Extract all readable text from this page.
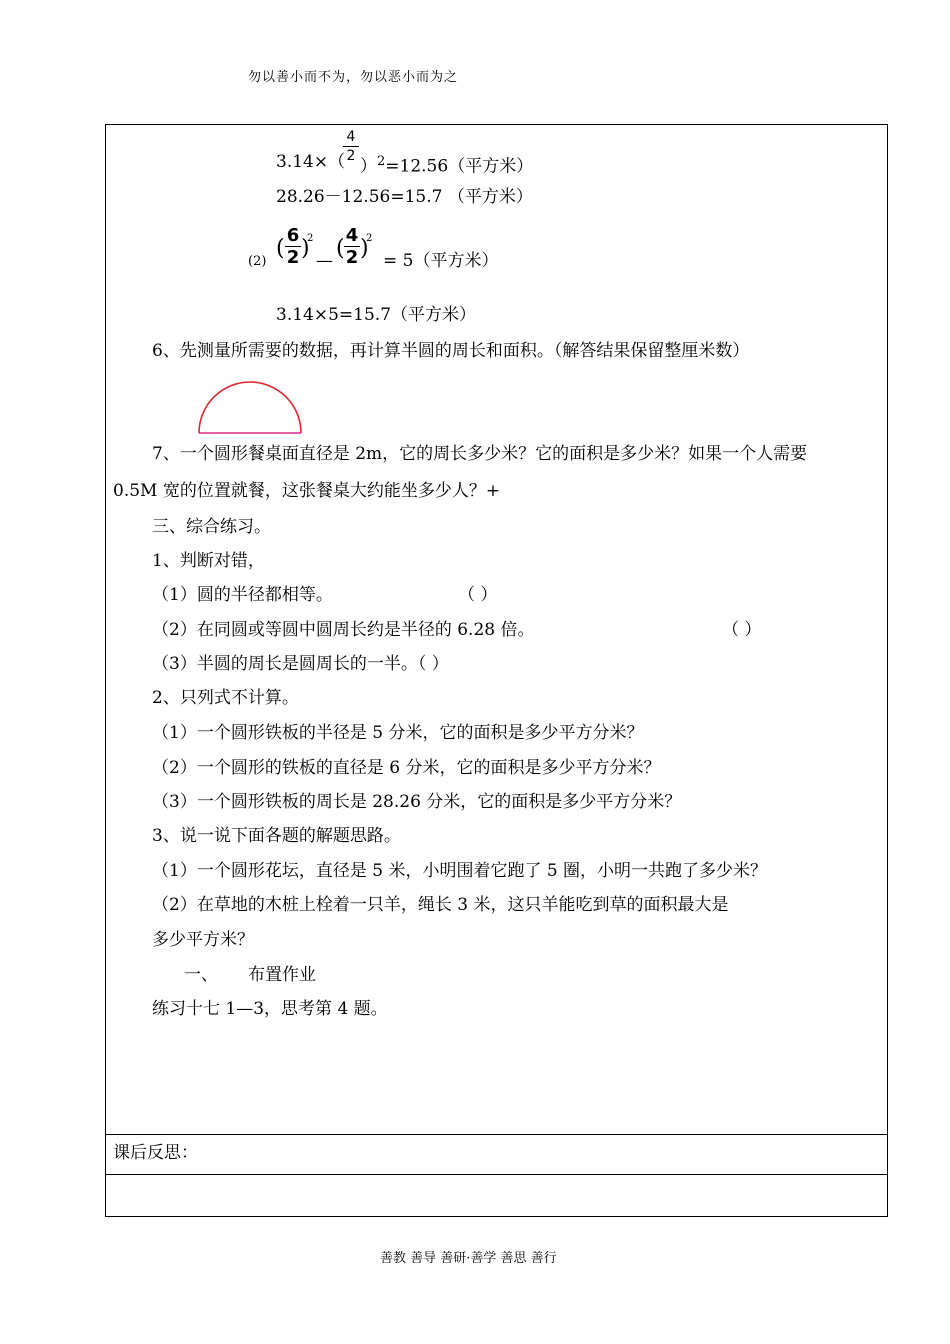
勿以善小而不为，勿以恶小而为之
善教 善导 善研·善学 善思 善行
3.14×（
4
2
）$^2$=12.56（平方米）
28.26－12.56=15.7 （平方米）
(2)
(
6
2 )
2
— (
4
2 )
2
= 5（平方米）
3.14×5=15.7（平方米）
6、先测量所需要的数据，再计算半圆的周长和面积。（解答结果保留整厘米数）
7、一个圆形餐桌面直径是 2m，它的周长多少米？它的面积是多少米？如果一个人需要
0.5M 宽的位置就餐，这张餐桌大约能坐多少人？+
三、综合练习。
1、判断对错，
（1）圆的半径都相等。	（ ）
（2）在同圆或等圆中圆周长约是半径的 6.28 倍。	（ ）
（3）半圆的周长是圆周长的一半。（ ）
2、只列式不计算。
（1）一个圆形铁板的半径是 5 分米，它的面积是多少平方分米？
（2）一个圆形的铁板的直径是 6 分米，它的面积是多少平方分米？
（3）一个圆形铁板的周长是 28.26 分米，它的面积是多少平方分米？
3、说一说下面各题的解题思路。
（1）一个圆形花坛，直径是 5 米，小明围着它跑了 5 圈，小明一共跑了多少米？
（2）在草地的木桩上栓着一只羊，绳长 3 米，这只羊能吃到草的面积最大是
多少平方米？
一、 布置作业
练习十七 1—3，思考第 4 题。
课后反思：
